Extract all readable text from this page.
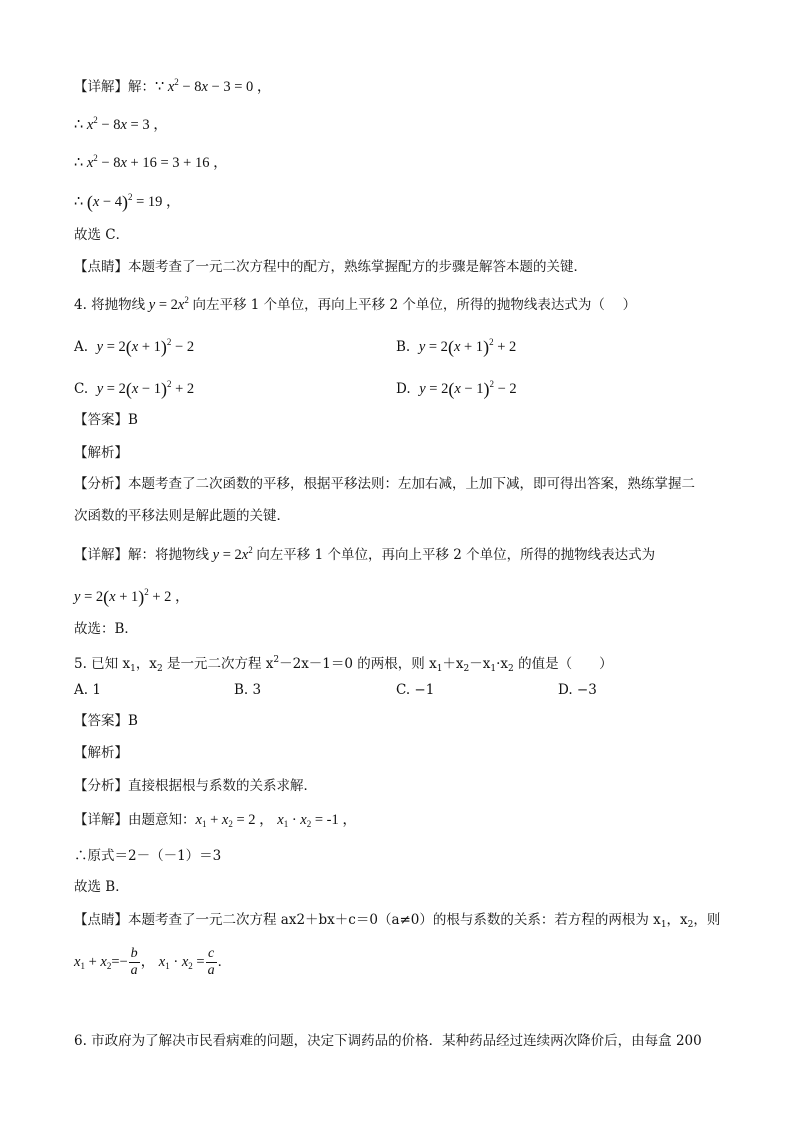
【详解】解：∵ $x^2 - 8x - 3 = 0$ ，
∴ $x^2 - 8x = 3$ ，
∴ $x^2 - 8x + 16 = 3 + 16$ ，
∴ $(x - 4)^2 = 19$ ，
故选 C．
【点睛】本题考查了一元二次方程中的配方，熟练掌握配方的步骤是解答本题的关键．
4. 将抛物线 $y = 2x^2$ 向左平移 1 个单位，再向上平移 2 个单位，所得的抛物线表达式为（　 ）
A. $y = 2(x + 1)^2 - 2$	B. $y = 2(x + 1)^2 + 2$
C. $y = 2(x - 1)^2 + 2$	D. $y = 2(x - 1)^2 - 2$
【答案】B
【解析】
【分析】本题考查了二次函数的平移，根据平移法则：左加右减，上加下减，即可得出答案，熟练掌握二
次函数的平移法则是解此题的关键．
【详解】解：将抛物线 $y = 2x^2$ 向左平移 1 个单位，再向上平移 2 个单位，所得的抛物线表达式为
$y = 2(x + 1)^2 + 2$ ，
故选：B．
5. 已知 $x_1$，$x_2$ 是一元二次方程 $x^2-2x-1=0$ 的两根，则 $x_1+x_2-x_1\cdot x_2$ 的值是（　　）
A. 1	B. 3	C. −1	D. −3
【答案】B
【解析】
【分析】直接根据根与系数的关系求解．
【详解】由题意知：$x_1 + x_2 = 2$ ， $x_1 \cdot x_2 = -1$ ，
∴原式＝2－（－1）＝3
故选 B．
【点睛】本题考查了一元二次方程 ax2＋bx＋c＝0（a≠0）的根与系数的关系：若方程的两根为 $x_1$，$x_2$，则
$x_1 + x_2=- \frac{b}{a}$ ， $x_1 \cdot x_2 = \frac{c}{a}$ ．
6. 市政府为了解决市民看病难的问题，决定下调药品的价格．某种药品经过连续两次降价后，由每盒 200
